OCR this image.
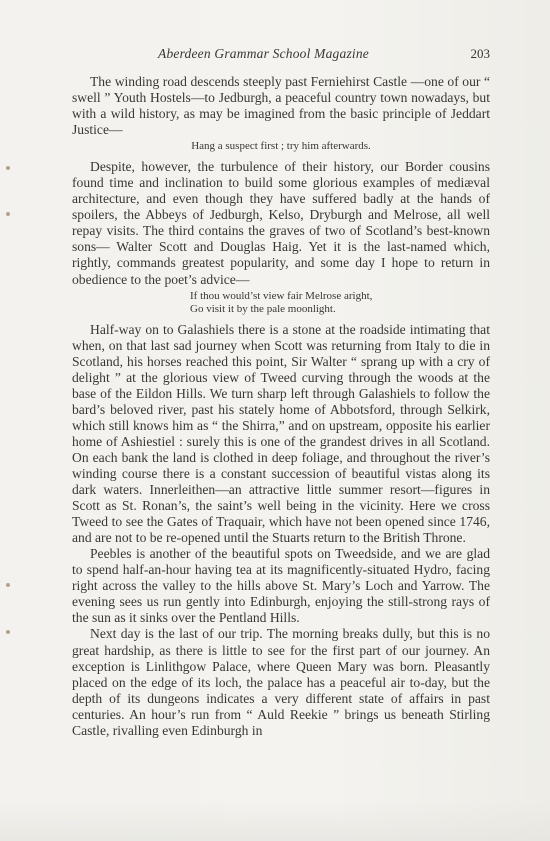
Aberdeen Grammar School Magazine	203

The winding road descends steeply past Ferniehirst Castle —one of our “ swell ” Youth Hostels—to Jedburgh, a peaceful country town nowadays, but with a wild history, as may be imagined from the basic principle of Jeddart Justice—

Hang a suspect first ; try him afterwards.

Despite, however, the turbulence of their history, our Border cousins found time and inclination to build some glorious examples of mediæval architecture, and even though they have suffered badly at the hands of spoilers, the Abbeys of Jedburgh, Kelso, Dryburgh and Melrose, all well repay visits. The third contains the graves of two of Scotland’s best-known sons— Walter Scott and Douglas Haig. Yet it is the last-named which, rightly, commands greatest popularity, and some day I hope to return in obedience to the poet’s advice—

If thou would’st view fair Melrose aright,
Go visit it by the pale moonlight.

Half-way on to Galashiels there is a stone at the roadside intimating that when, on that last sad journey when Scott was returning from Italy to die in Scotland, his horses reached this point, Sir Walter “ sprang up with a cry of delight ” at the glorious view of Tweed curving through the woods at the base of the Eildon Hills. We turn sharp left through Galashiels to follow the bard’s beloved river, past his stately home of Abbotsford, through Selkirk, which still knows him as “ the Shirra,” and on upstream, opposite his earlier home of Ashiestiel : surely this is one of the grandest drives in all Scotland. On each bank the land is clothed in deep foliage, and throughout the river’s winding course there is a constant succession of beautiful vistas along its dark waters. Innerleithen—an attractive little summer resort—figures in Scott as St. Ronan’s, the saint’s well being in the vicinity. Here we cross Tweed to see the Gates of Traquair, which have not been opened since 1746, and are not to be re-opened until the Stuarts return to the British Throne.

Peebles is another of the beautiful spots on Tweedside, and we are glad to spend half-an-hour having tea at its magnificently-situated Hydro, facing right across the valley to the hills above St. Mary’s Loch and Yarrow. The evening sees us run gently into Edinburgh, enjoying the still-strong rays of the sun as it sinks over the Pentland Hills.

Next day is the last of our trip. The morning breaks dully, but this is no great hardship, as there is little to see for the first part of our journey. An exception is Linlithgow Palace, where Queen Mary was born. Pleasantly placed on the edge of its loch, the palace has a peaceful air to-day, but the depth of its dungeons indicates a very different state of affairs in past centuries. An hour’s run from “ Auld Reekie ” brings us beneath Stirling Castle, rivalling even Edinburgh in
